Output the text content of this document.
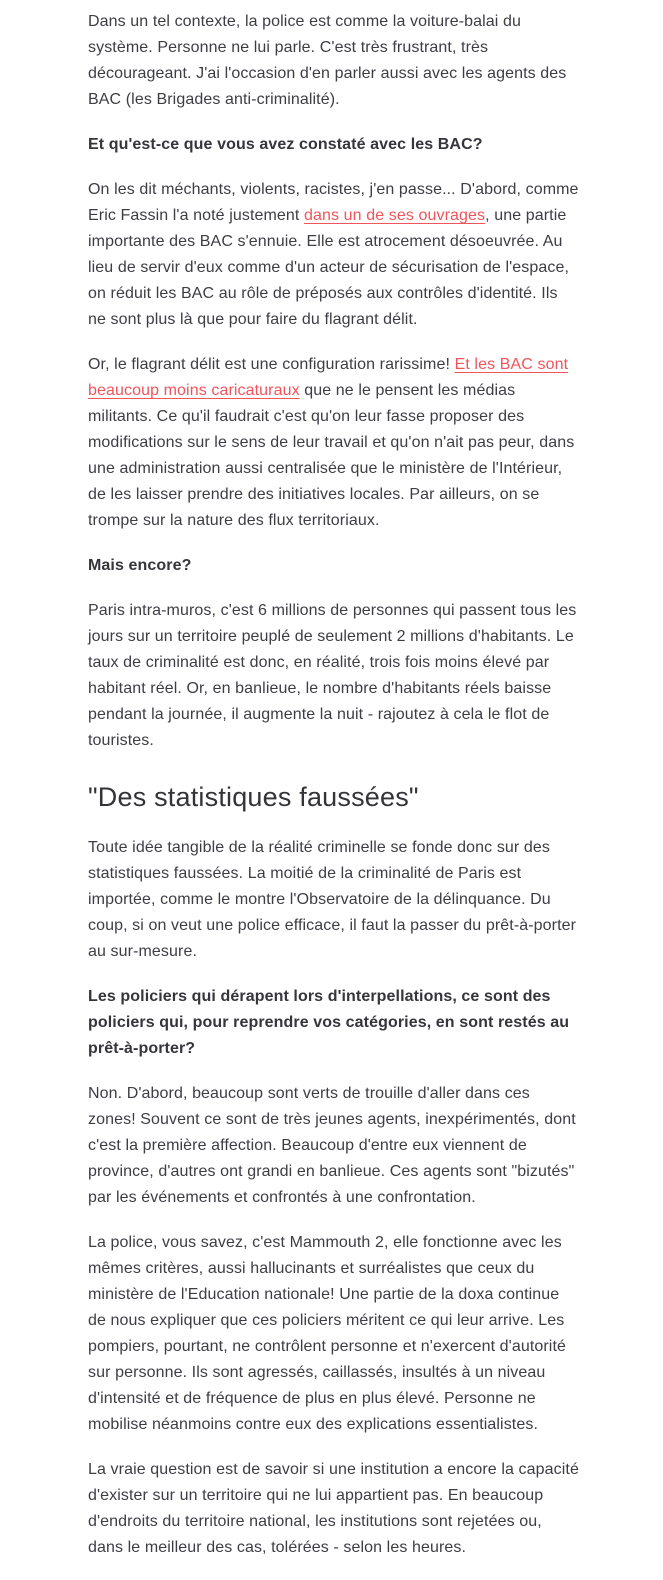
Dans un tel contexte, la police est comme la voiture-balai du système. Personne ne lui parle. C'est très frustrant, très décourageant. J'ai l'occasion d'en parler aussi avec les agents des BAC (les Brigades anti-criminalité).

Et qu'est-ce que vous avez constaté avec les BAC?

On les dit méchants, violents, racistes, j'en passe... D'abord, comme Eric Fassin l'a noté justement dans un de ses ouvrages, une partie importante des BAC s'ennuie. Elle est atrocement désoeuvrée. Au lieu de servir d'eux comme d'un acteur de sécurisation de l'espace, on réduit les BAC au rôle de préposés aux contrôles d'identité. Ils ne sont plus là que pour faire du flagrant délit.

Or, le flagrant délit est une configuration rarissime! Et les BAC sont beaucoup moins caricaturaux que ne le pensent les médias militants. Ce qu'il faudrait c'est qu'on leur fasse proposer des modifications sur le sens de leur travail et qu'on n'ait pas peur, dans une administration aussi centralisée que le ministère de l'Intérieur, de les laisser prendre des initiatives locales. Par ailleurs, on se trompe sur la nature des flux territoriaux.

Mais encore?

Paris intra-muros, c'est 6 millions de personnes qui passent tous les jours sur un territoire peuplé de seulement 2 millions d'habitants. Le taux de criminalité est donc, en réalité, trois fois moins élevé par habitant réel. Or, en banlieue, le nombre d'habitants réels baisse pendant la journée, il augmente la nuit - rajoutez à cela le flot de touristes.

"Des statistiques faussées"

Toute idée tangible de la réalité criminelle se fonde donc sur des statistiques faussées. La moitié de la criminalité de Paris est importée, comme le montre l'Observatoire de la délinquance. Du coup, si on veut une police efficace, il faut la passer du prêt-à-porter au sur-mesure.

Les policiers qui dérapent lors d'interpellations, ce sont des policiers qui, pour reprendre vos catégories, en sont restés au prêt-à-porter?

Non. D'abord, beaucoup sont verts de trouille d'aller dans ces zones! Souvent ce sont de très jeunes agents, inexpérimentés, dont c'est la première affection. Beaucoup d'entre eux viennent de province, d'autres ont grandi en banlieue. Ces agents sont "bizutés" par les événements et confrontés à une confrontation.

La police, vous savez, c'est Mammouth 2, elle fonctionne avec les mêmes critères, aussi hallucinants et surréalistes que ceux du ministère de l'Education nationale! Une partie de la doxa continue de nous expliquer que ces policiers méritent ce qui leur arrive. Les pompiers, pourtant, ne contrôlent personne et n'exercent d'autorité sur personne. Ils sont agressés, caillassés, insultés à un niveau d'intensité et de fréquence de plus en plus élevé. Personne ne mobilise néanmoins contre eux des explications essentialistes.

La vraie question est de savoir si une institution a encore la capacité d'exister sur un territoire qui ne lui appartient pas. En beaucoup d'endroits du territoire national, les institutions sont rejetées ou, dans le meilleur des cas, tolérées - selon les heures.
